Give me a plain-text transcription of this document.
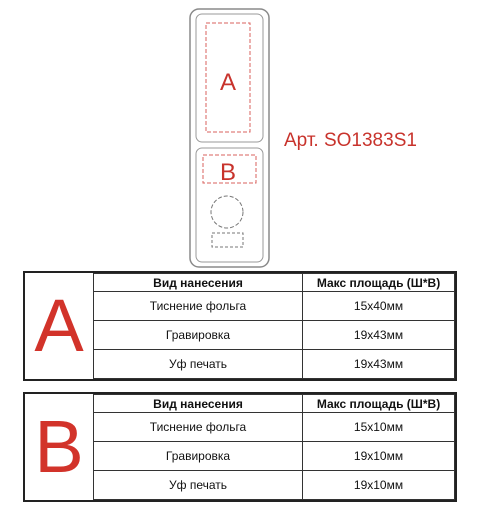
A
B
Арт. SO1383S1
A
Вид нанесения	Макс площадь (Ш*В)
Тиснение фольга	15х40мм
Гравировка	19х43мм
Уф печать	19х43мм
B
Вид нанесения	Макс площадь (Ш*В)
Тиснение фольга	15х10мм
Гравировка	19х10мм
Уф печать	19х10мм
